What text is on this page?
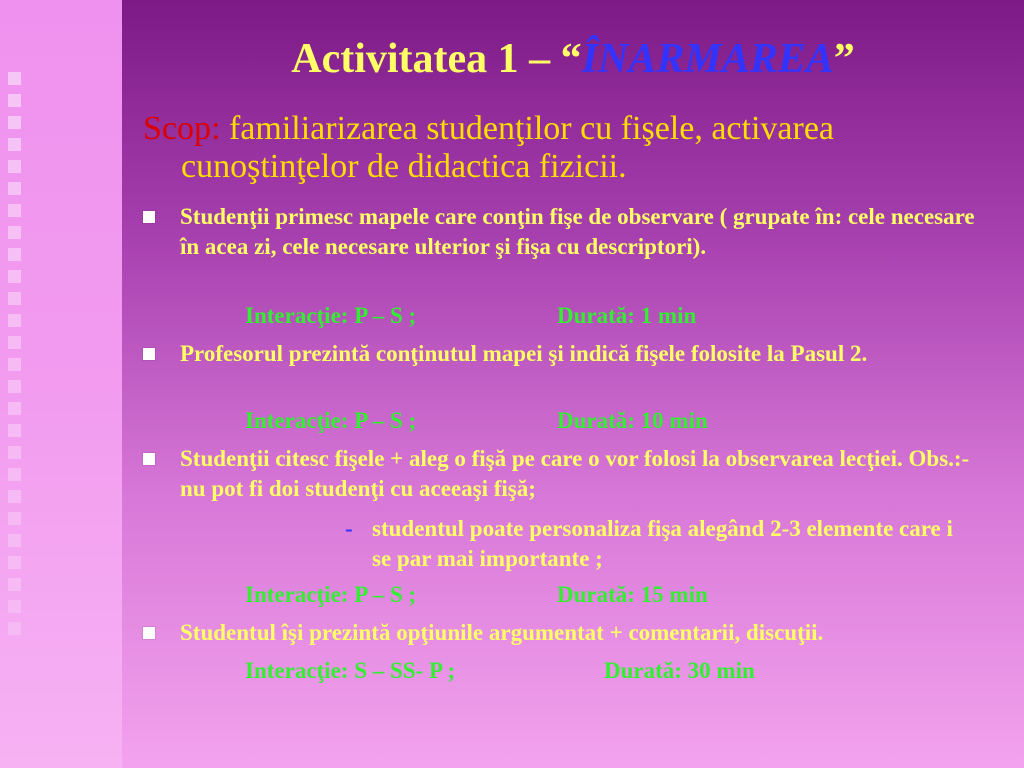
Activitatea 1 – “ÎNARMAREA”
Scop: familiarizarea studenţilor cu fişele, activarea
cunoştinţelor de didactica fizicii.
Studenţii primesc mapele care conţin fişe de observare ( grupate în: cele necesare în acea zi, cele necesare ulterior şi fişa cu descriptori).
Interacţie: P – S ;	Durată: 1 min
Profesorul prezintă conţinutul mapei şi indică fişele folosite la Pasul 2.
Interacţie: P – S ;	Durată: 10 min
Studenţii citesc fişele + aleg o fişă pe care o vor folosi la observarea lecţiei. Obs.:-nu pot fi doi studenţi cu aceeaşi fişă;
- studentul poate personaliza fişa alegând 2-3 elemente care i se par mai importante ;
Interacţie: P – S ;	Durată: 15 min
Studentul îşi prezintă opţiunile argumentat + comentarii, discuţii.
Interacţie: S – SS- P ;	Durată: 30 min
